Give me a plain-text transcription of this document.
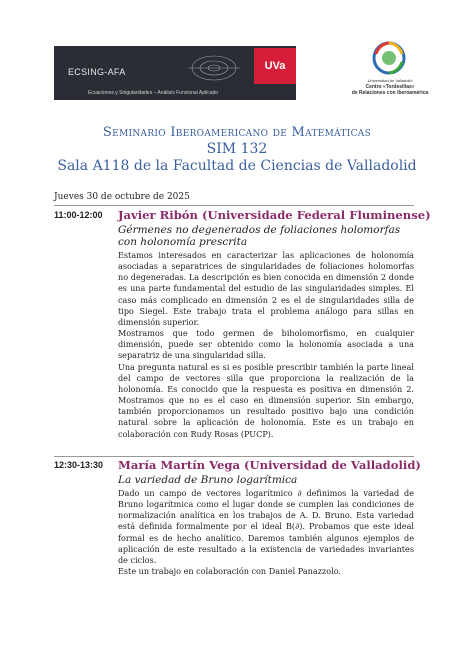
ECSING-AFA
Ecuaciones y Singularidades – Análisis Funcional Aplicado
UVa
Universidad de Valladolid
Centro «Tordesillas»
de Relaciones con Iberoamérica
Seminario Iberoamericano de Matemáticas
SIM 132
Sala A118 de la Facultad de Ciencias de Valladolid
Jueves 30 de octubre de 2025
11:00-12:00 Javier Ribón (Universidade Federal Fluminense)
Gérmenes no degenerados de foliaciones holomorfas con holonomía prescrita

Estamos interesados en caracterizar las aplicaciones de holonomía asociadas a separatrices de singularidades de foliaciones holomorfas no degeneradas. La descripción es bien conocida en dimensión 2 donde es una parte fundamental del estudio de las singularidades simples. El caso más complicado en dimensión 2 es el de singularidades silla de tipo Siegel. Este trabajo trata el problema análogo para sillas en dimensión superior.

Mostramos que todo germen de biholomorfismo, en cualquier dimensión, puede ser obtenido como la holonomía asociada a una separatriz de una singularidad silla.

Una pregunta natural es si es posible prescribir también la parte lineal del campo de vectores silla que proporciona la realización de la holonomía. Es conocido que la respuesta es positiva en dimensión 2. Mostramos que no es el caso en dimensión superior. Sin embargo, también proporcionamos un resultado positivo bajo una condición natural sobre la aplicación de holonomía. Este es un trabajo en colaboración con Rudy Rosas (PUCP).

12:30-13:30 María Martín Vega (Universidad de Valladolid)
La variedad de Bruno logarítmica

Dado un campo de vectores logarítmico ∂ definimos la variedad de Bruno logarítmica como el lugar donde se cumplen las condiciones de normalización analítica en los trabajos de A. D. Bruno. Esta variedad está definida formalmente por el ideal B(∂). Probamos que este ideal formal es de hecho analítico. Daremos también algunos ejemplos de aplicación de este resultado a la existencia de variedades invariantes de ciclos.

Este un trabajo en colaboración con Daniel Panazzolo.
